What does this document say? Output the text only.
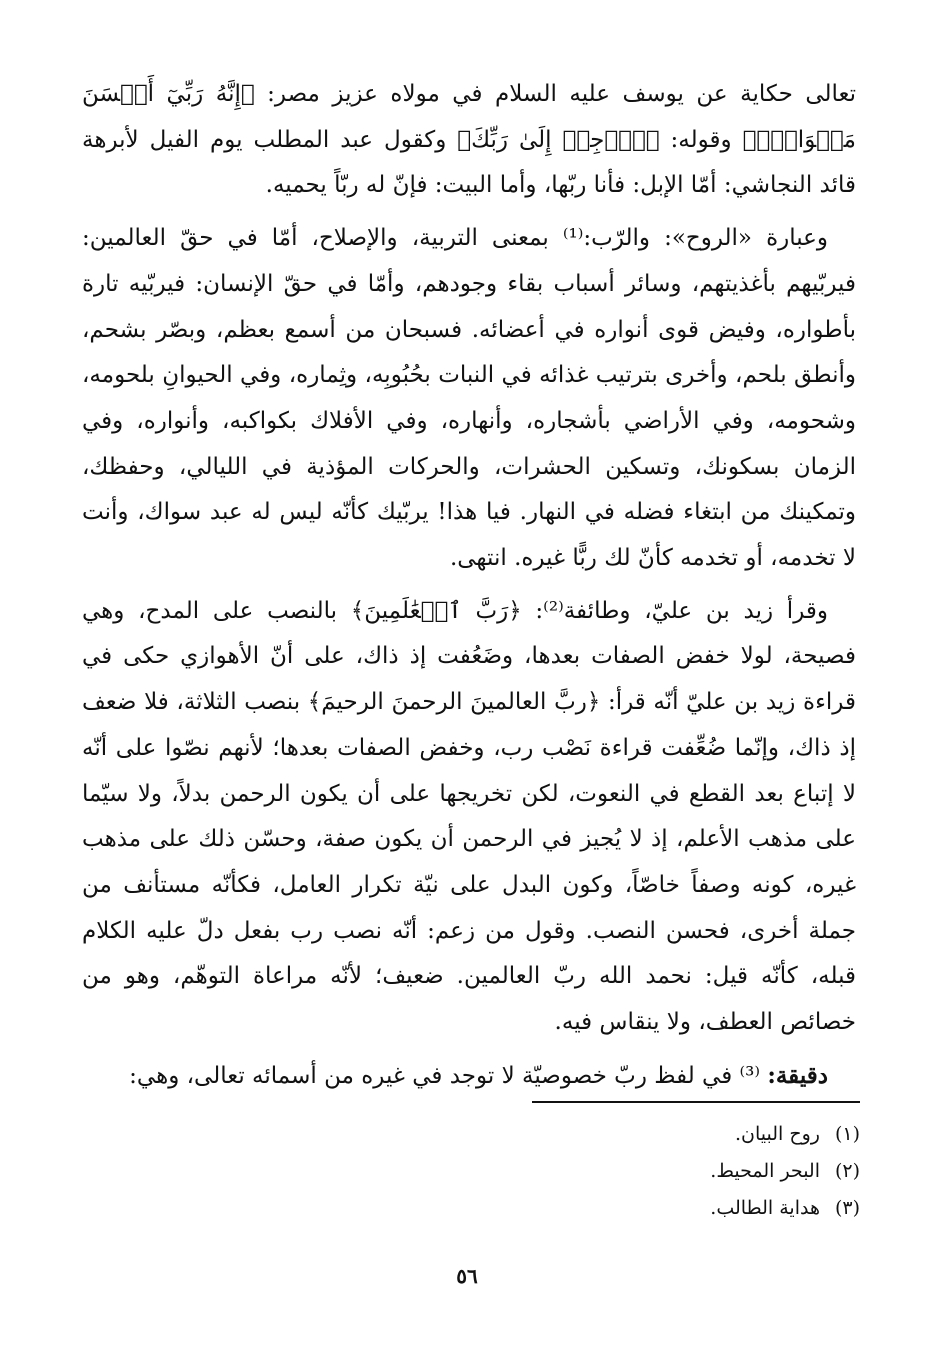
تعالى حكاية عن يوسف عليه السلام في مولاه عزيز مصر: ﴿إِنَّهُ رَبِّيٓ أَحۡسَنَ مَثۡوَايَۖ﴾ وقوله: ﴿ٱرۡجِعۡ إِلَىٰ رَبِّكَ﴾ وكقول عبد المطلب يوم الفيل لأبرهة قائد النجاشي: أمّا الإبل: فأنا ربّها، وأما البيت: فإنّ له ربّاً يحميه.

وعبارة «الروح»: والرّب:⁽¹⁾ بمعنى التربية، والإصلاح، أمّا في حقّ العالمين: فيربّيهم بأغذيتهم، وسائر أسباب بقاء وجودهم، وأمّا في حقّ الإنسان: فيربّيه تارة بأطواره، وفيض قوى أنواره في أعضائه. فسبحان من أسمع بعظم، وبصّر بشحم، وأنطق بلحم، وأخرى بترتيب غذائه في النبات بحُبُوبِه، وثِماره، وفي الحيوانِ بلحومه، وشحومه، وفي الأراضي بأشجاره، وأنهاره، وفي الأفلاك بكواكبه، وأنواره، وفي الزمان بسكونك، وتسكين الحشرات، والحركات المؤذية في الليالي، وحفظك، وتمكينك من ابتغاء فضله في النهار. فيا هذا! يربّيك كأنّه ليس له عبد سواك، وأنت لا تخدمه، أو تخدمه كأنّ لك ربًّا غيره. انتهى.

وقرأ زيد بن عليّ، وطائفة⁽²⁾: ﴿رَبَّ ٱلۡعَٰلَمِينَ﴾ بالنصب على المدح، وهي فصيحة، لولا خفض الصفات بعدها، وضَعُفت إذ ذاك، على أنّ الأهوازي حكى في قراءة زيد بن عليّ أنّه قرأ: ﴿ربَّ العالمينَ الرحمنَ الرحيمَ﴾ بنصب الثلاثة، فلا ضعف إذ ذاك، وإنّما ضُعِّفت قراءة نَصْب رب، وخفض الصفات بعدها؛ لأنهم نصّوا على أنّه لا إتباع بعد القطع في النعوت، لكن تخريجها على أن يكون الرحمن بدلاً، ولا سيّما على مذهب الأعلم، إذ لا يُجيز في الرحمن أن يكون صفة، وحسّن ذلك على مذهب غيره، كونه وصفاً خاصّاً، وكون البدل على نيّة تكرار العامل، فكأنّه مستأنف من جملة أخرى، فحسن النصب. وقول من زعم: أنّه نصب رب بفعل دلّ عليه الكلام قبله، كأنّه قيل: نحمد الله ربّ العالمين. ضعيف؛ لأنّه مراعاة التوهّم، وهو من خصائص العطف، ولا ينقاس فيه.

دقيقة: ⁽³⁾ في لفظ ربّ خصوصيّة لا توجد في غيره من أسمائه تعالى، وهي:

(١)روح البيان.

(٢)البحر المحيط.

(٣)هداية الطالب.

٥٦
